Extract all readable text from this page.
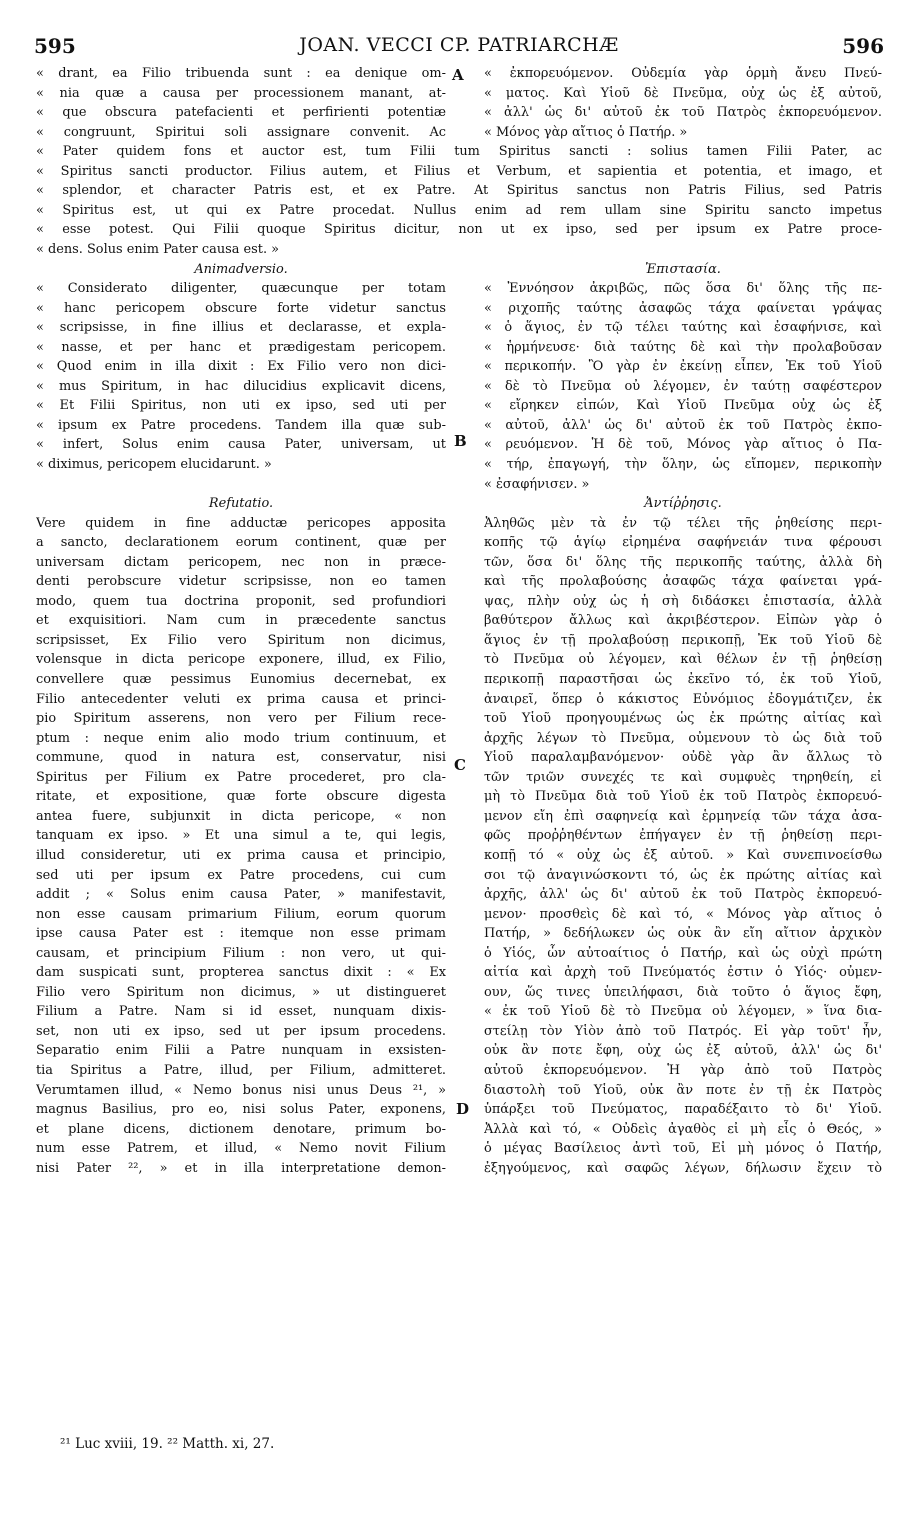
595	JOAN. VECCI CP. PATRIARCHÆ	596
« drant, ea Filio tribuenda sunt : ea denique om-
« nia quæ a causa per processionem manant, at-
« que obscura patefacienti et perfirienti potentiæ
« congruunt, Spiritui soli assignare convenit. Ac
« ἐκπορευόμενον. Οὐδεμία γὰρ ὁρμὴ ἄνευ Πνεύ-
« ματος. Καὶ Υἱοῦ δὲ Πνεῦμα, οὐχ ὡς ἐξ αὐτοῦ,
« ἀλλ' ὡς δι' αὐτοῦ ἐκ τοῦ Πατρὸς ἐκπορευόμενον.
« Μόνος γὰρ αἴτιος ὁ Πατήρ. »
« Pater quidem fons et auctor est, tum Filii tum Spiritus sancti : solius tamen Filii Pater, ac
« Spiritus sancti productor. Filius autem, et Filius et Verbum, et sapientia et potentia, et imago, et
« splendor, et character Patris est, et ex Patre. At Spiritus sanctus non Patris Filius, sed Patris
« Spiritus est, ut qui ex Patre procedat. Nullus enim ad rem ullam sine Spiritu sancto impetus
« esse potest. Qui Filii quoque Spiritus dicitur, non ut ex ipso, sed per ipsum ex Patre proce-
« dens. Solus enim Pater causa est. »
Animadversio.
« Considerato diligenter, quæcunque per totam
« hanc pericopem obscure forte videtur sanctus
« scripsisse, in fine illius et declarasse, et expla-
« nasse, et per hanc et prædigestam pericopem.
« Quod enim in illa dixit : Ex Filio vero non dici-
« mus Spiritum, in hac dilucidius explicavit dicens,
« Et Filii Spiritus, non uti ex ipso, sed uti per
« ipsum ex Patre procedens. Tandem illa quæ sub-
« infert, Solus enim causa Pater, universam, ut
« diximus, pericopem elucidarunt. »
Refutatio.
Vere quidem in fine adductæ pericopes apposita
a sancto, declarationem eorum continent, quæ per
universam dictam pericopem, nec non in præce-
denti perobscure videtur scripsisse, non eo tamen
modo, quem tua doctrina proponit, sed profundiori
et exquisitiori. Nam cum in præcedente sanctus
scripsisset, Ex Filio vero Spiritum non dicimus,
volensque in dicta pericope exponere, illud, ex Filio,
convellere quæ pessimus Eunomius decernebat, ex
Filio antecedenter veluti ex prima causa et princi-
pio Spiritum asserens, non vero per Filium rece-
ptum : neque enim alio modo trium continuum, et
commune, quod in natura est, conservatur, nisi
Spiritus per Filium ex Patre procederet, pro cla-
ritate, et expositione, quæ forte obscure digesta
antea fuere, subjunxit in dicta pericope, « non
tanquam ex ipso. » Et una simul a te, qui legis,
illud consideretur, uti ex prima causa et principio,
sed uti per ipsum ex Patre procedens, cui cum
addit ; « Solus enim causa Pater, » manifestavit,
non esse causam primarium Filium, eorum quorum
ipse causa Pater est : itemque non esse primam
causam, et principium Filium : non vero, ut qui-
dam suspicati sunt, propterea sanctus dixit : « Ex
Filio vero Spiritum non dicimus, » ut distingueret
Filium a Patre. Nam si id esset, nunquam dixis-
set, non uti ex ipso, sed ut per ipsum procedens.
Separatio enim Filii a Patre nunquam in exsisten-
tia Spiritus a Patre, illud, per Filium, admitteret.
Verumtamen illud, « Nemo bonus nisi unus Deus ²¹, »
magnus Basilius, pro eo, nisi solus Pater, exponens,
et plane dicens, dictionem denotare, primum bo-
num esse Patrem, et illud, « Nemo novit Filium
nisi Pater ²², » et in illa interpretatione demon-
Ἐπιστασία.
« Ἐννόησον ἀκριβῶς, πῶς ὅσα δι' ὅλης τῆς πε-
« ριχοπῆς ταύτης ἀσαφῶς τάχα φαίνεται γράψας
« ὁ ἅγιος, ἐν τῷ τέλει ταύτης καὶ ἐσαφήνισε, καὶ
« ἡρμήνευσε· διὰ ταύτης δὲ καὶ τὴν προλαβοῦσαν
« περικοπήν. Ὃ γὰρ ἐν ἐκείνῃ εἶπεν, Ἐκ τοῦ Υἱοῦ
« δὲ τὸ Πνεῦμα οὐ λέγομεν, ἐν ταύτῃ σαφέστερον
« εἴρηκεν εἰπών, Καὶ Υἱοῦ Πνεῦμα οὐχ ὡς ἐξ
« αὐτοῦ, ἀλλ' ὡς δι' αὐτοῦ ἐκ τοῦ Πατρὸς ἐκπο-
« ρευόμενον. Ἡ δὲ τοῦ, Μόνος γὰρ αἴτιος ὁ Πα-
« τήρ, ἐπαγωγή, τὴν ὅλην, ὡς εἴπομεν, περικοπὴν
« ἐσαφήνισεν. »
Ἀντίῤῥησις.
Ἀληθῶς μὲν τὰ ἐν τῷ τέλει τῆς ῥηθείσης περι-
κοπῆς τῷ ἁγίῳ εἰρημένα σαφήνειάν τινα φέρουσι
τῶν, ὅσα δι' ὅλης τῆς περικοπῆς ταύτης, ἀλλὰ δὴ
καὶ τῆς προλαβούσης ἀσαφῶς τάχα φαίνεται γρά-
ψας, πλὴν οὐχ ὡς ἡ σὴ διδάσκει ἐπιστασία, ἀλλὰ
βαθύτερον ἄλλως καὶ ἀκριβέστερον. Εἰπὼν γὰρ ὁ
ἅγιος ἐν τῇ προλαβούσῃ περικοπῇ, Ἐκ τοῦ Υἱοῦ δὲ
τὸ Πνεῦμα οὐ λέγομεν, καὶ θέλων ἐν τῇ ῥηθείσῃ
περικοπῇ παραστῆσαι ὡς ἐκεῖνο τό, ἐκ τοῦ Υἱοῦ,
ἀναιρεῖ, ὅπερ ὁ κάκιστος Εὐνόμιος ἐδογμάτιζεν, ἐκ
τοῦ Υἱοῦ προηγουμένως ὡς ἐκ πρώτης αἰτίας καὶ
ἀρχῆς λέγων τὸ Πνεῦμα, οὐμενουν τὸ ὡς διὰ τοῦ
Υἱοῦ παραλαμβανόμενον· οὐδὲ γὰρ ἂν ἄλλως τὸ
τῶν τριῶν συνεχές τε καὶ συμφυὲς τηρηθείη, εἰ
μὴ τὸ Πνεῦμα διὰ τοῦ Υἱοῦ ἐκ τοῦ Πατρὸς ἐκπορευό-
μενον εἴη ἐπὶ σαφηνείᾳ καὶ ἑρμηνείᾳ τῶν τάχα ἀσα-
φῶς προῤῥηθέντων ἐπήγαγεν ἐν τῇ ῥηθείσῃ περι-
κοπῇ τό « οὐχ ὡς ἐξ αὐτοῦ. » Καὶ συνεπινοείσθω
σοι τῷ ἀναγινώσκοντι τό, ὡς ἐκ πρώτης αἰτίας καὶ
ἀρχῆς, ἀλλ' ὡς δι' αὐτοῦ ἐκ τοῦ Πατρὸς ἐκπορευό-
μενον· προσθεὶς δὲ καὶ τό, « Μόνος γὰρ αἴτιος ὁ
Πατήρ, » δεδήλωκεν ὡς οὐκ ἂν εἴη αἴτιον ἀρχικὸν
ὁ Υἱός, ὧν αὐτοαίτιος ὁ Πατήρ, καὶ ὡς οὐχὶ πρώτη
αἰτία καὶ ἀρχὴ τοῦ Πνεύματός ἐστιν ὁ Υἱός· οὐμεν-
ουν, ὥς τινες ὑπειλήφασι, διὰ τοῦτο ὁ ἅγιος ἔφη,
« ἐκ τοῦ Υἱοῦ δὲ τὸ Πνεῦμα οὐ λέγομεν, » ἵνα δια-
στείλῃ τὸν Υἱὸν ἀπὸ τοῦ Πατρός. Εἰ γὰρ τοῦτ' ἦν,
οὐκ ἂν ποτε ἔφη, οὐχ ὡς ἐξ αὐτοῦ, ἀλλ' ὡς δι'
αὐτοῦ ἐκπορευόμενον. Ἡ γὰρ ἀπὸ τοῦ Πατρὸς
διαστολὴ τοῦ Υἱοῦ, οὐκ ἂν ποτε ἐν τῇ ἐκ Πατρὸς
ὑπάρξει τοῦ Πνεύματος, παραδέξαιτο τὸ δι' Υἱοῦ.
Ἀλλὰ καὶ τό, « Οὐδεὶς ἀγαθὸς εἰ μὴ εἷς ὁ Θεός, »
ὁ μέγας Βασίλειος ἀντὶ τοῦ, Εἰ μὴ μόνος ὁ Πατήρ,
ἐξηγούμενος, καὶ σαφῶς λέγων, δήλωσιν ἔχειν τὸ
A
B
C
D
²¹ Luc xviii, 19. ²² Matth. xi, 27.
